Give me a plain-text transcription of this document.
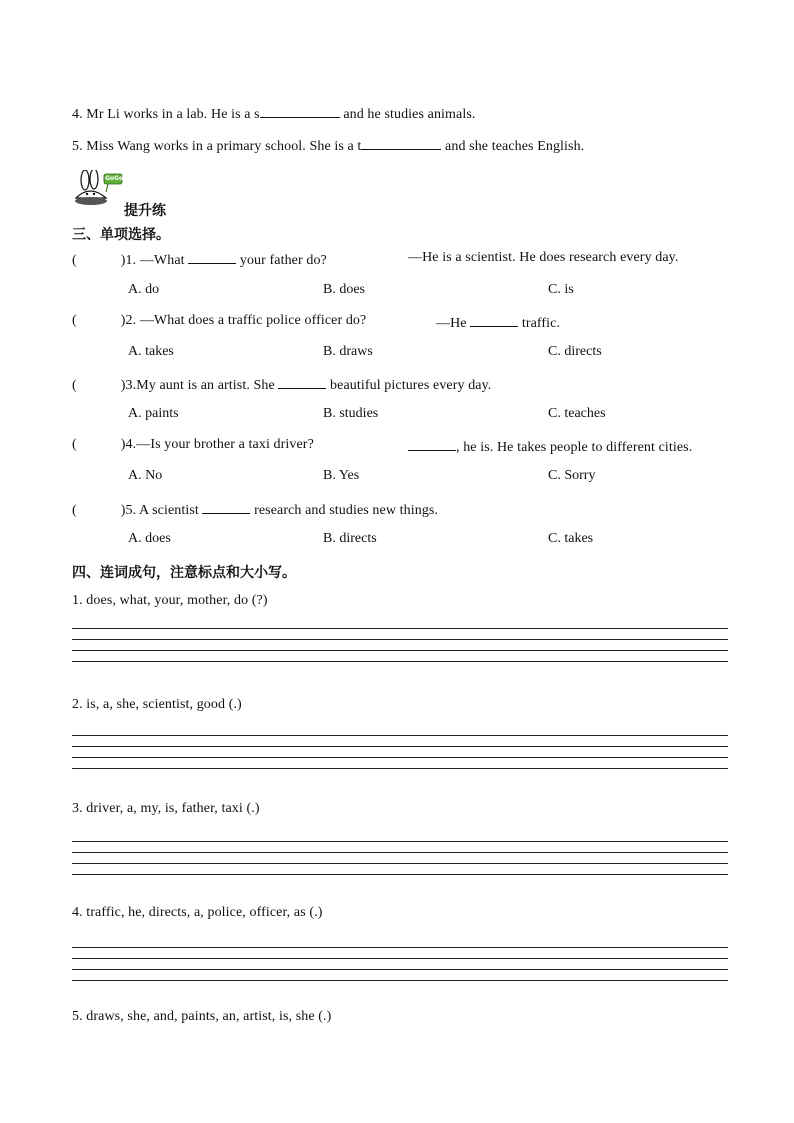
4. Mr Li works in a lab. He is a s	and he studies animals.
5. Miss Wang works in a primary school. She is a t	and she teaches English.
GoGo
提升练
三、单项选择。
(	)1. —What	your father do?	—He is a scientist. He does research every day.
A. do	B. does	C. is
(	)2. —What does a traffic police officer do?	—He	traffic.
A. takes	B. draws	C. directs
(	)3.My aunt is an artist. She	beautiful pictures every day.
A. paints	B. studies	C. teaches
(	)4.—Is your brother a taxi driver?	, he is. He takes people to different cities.
A. No	B. Yes	C. Sorry
(	)5. A scientist	research and studies new things.
A. does	B. directs	C. takes
四、连词成句，注意标点和大小写。
1. does, what, your, mother, do (?)
2. is, a, she, scientist, good (.)
3. driver, a, my, is, father, taxi (.)
4. traffic, he, directs, a, police, officer, as (.)
5. draws, she, and, paints, an, artist, is, she (.)
